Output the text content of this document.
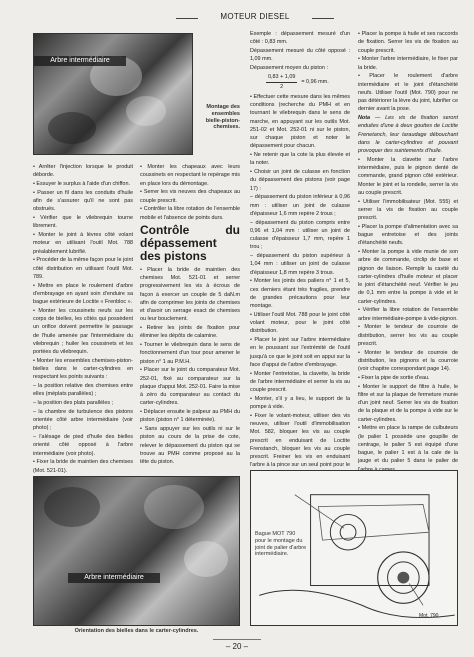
MOTEUR DIESEL
Arbre intermédiaire
Montage des ensembles bielle-piston-chemises.

• Arrêter l'injection lorsque le produit déborde.

• Essuyer le surplus à l'aide d'un chiffon.

• Passer un fil dans les conduits d'huile afin de s'assurer qu'il ne sont pas obstrués.

• Vérifier que le vilebrequin tourne librement.

• Monter le joint à lèvres côté volant moteur en utilisant l'outil Mot. 788 préalablement lubrifié.

• Procéder de la même façon pour le joint côté distribution en utilisant l'outil Mot. 789.

• Mettre en place le roulement d'arbre d'embrayage en ayant soin d'enduire sa bague extérieure de Loctite « Frenbloc ».

• Monter les coussinets neufs sur les corps de bielles, les côtés qui possèdent un orifice doivent permettre le passage de l'huile amenée par l'intermédiaire du vilebrequin ; huiler les coussinets et les portées du vilebrequin.

• Monter les ensembles chemises-piston-bielles dans le carter-cylindres en respectant les points suivants :

– la position relative des chemises entre elles (méplats parallèles) ;

– la position des plats parallèles ;

– la chambre de turbulence des pistons orientée côté arbre intermédiaire (voir photo) ;

– l'alésage de pied d'huile des bielles orienté côté opposé à l'arbre intermédiaire (voir photo).

• Fixer la bride de maintien des chemises (Mot. 521-01).

• Monter les chapeaux avec leurs coussinets en respectant le repérage mis en place lors du démontage.

• Serrer les vis neuves des chapeaux au couple prescrit.

• Contrôler la libre rotation de l'ensemble mobile et l'absence de points durs.

Contrôle du dépassement des pistons

• Placer la bride de maintien des chemises Mot. 521-01 et serrer progressivement les vis à écrous de façon à exercer un couple de 5 daN.m afin de comprimer les joints de chemises et d'avoir un serrage exact de chemises ou leur bouclement.

• Retirer les joints de fixation pour éliminer les dépôts de calamine.

• Tourner le vilebrequin dans le sens de fonctionnement d'un tour pour amener le piston n° 1 au P.M.H.

• Placer sur le joint du comparateur Mot. 252-01, fixé au comparateur sur la plaque d'appui Mot. 252-01. Faire la mise à zéro du comparateur au contact du carter-cylindres.

• Déplacer ensuite le palpeur au PMH du piston (piston n° 1 déterminée).

• Sans appuyer sur les outils ni sur le piston au cours de la prise de cote, relever le dépassement du piston qui se trouve au PMH comme proposé au la tête du piston.

Exemple : dépassement mesuré d'un côté : 0,83 mm.

Dépassement mesuré du côté opposé : 1,09 mm.

Dépassement moyen du piston :

$\frac{0,83 + 1,09}{2} = 0,96$ mm.

• Effectuer cette mesure dans les mêmes conditions (recherche du PMH et en tournant le vilebrequin dans le sens de marche, en appuyant sur les outils Mot. 251-02 et Mot. 252-01 ni sur le piston, sur chaque piston et noter le dépassement pour chacun.

• Ne retenir que la cote la plus élevée et la noter.

• Choisir un joint de culasse en fonction du dépassement des pistons (voir page 17) :

– dépassement du piston inférieur à 0,96 mm : utiliser un joint de culasse d'épaisseur 1,6 mm repère 2 trous ;

– dépassement du piston compris entre 0,96 et 1,04 mm : utiliser un joint de culasse d'épaisseur 1,7 mm, repère 1 trou ;

– dépassement du piston supérieur à 1,04 mm : utiliser un joint de culasse d'épaisseur 1,8 mm repère 3 trous.

• Monter les joints des paliers n° 1 et 5, ces derniers étant très fragiles, prendre de grandes précautions pour leur montage.

• Utiliser l'outil Mot. 788 pour le joint côté volant moteur, pour le joint côté distribution.

• Placer le joint sur l'arbre intermédiaire en le poussant sur l'extrémité de l'outil jusqu'à ce que le joint soit en appui sur la face d'appui de l'arbre d'embrayage.

• Monter l'entretoise, la clavette, la bride de l'arbre intermédiaire et serrer la vis au couple prescrit.

• Monter, s'il y a lieu, le support de la pompe à vide.

• Fixer le volant-moteur, utiliser des vis neuves, utiliser l'outil d'immobilisation Mot. 582, bloquer les vis au couple prescrit en enduisant de Loctite Frenstanch, bloquer les vis au couple prescrit. Freiner les vis en enduisant l'arbre à la pince sur un seul point pour le

• Placer la pompe à huile et ses raccords de fixation. Serrer les vis de fixation au couple prescrit.

• Monter l'arbre intermédiaire, le fixer par la bride.

• Placer le roulement d'arbre intermédiaire et le joint d'étanchéité neufs. Utiliser l'outil (Mot. 790) pour ne pas détériorer la lèvre du joint, lubrifier ce dernier avant la pose.

Nota — Les vis de fixation seront enduites d'une à deux gouttes de Loctite Frenetanch, leur taraudage débouchant dans le carter-cylindres et pouvant provoquer des suintements d'huile.

• Monter la clavette sur l'arbre intermédiaire, puis le pignon denté de commande, grand pignon côté extérieur. Monter le joint et la rondelle, serrer la vis au couple prescrit.

• Utiliser l'immobilisateur (Mot. 555) et serrer la vis de fixation au couple prescrit.

• Placer la pompe d'alimentation avec sa bague entretoise et des joints d'étanchéité neufs.

• Monter la pompe à vide munie de son arbre de commande, circlip de base et pignon de liaison. Remplir la cavité du carter-cylindres d'huile moteur et placer le joint d'étanchéité neuf. Vérifier le jeu de 0,1 mm entre la pompe à vide et le carter-cylindres.

• Vérifier la libre rotation de l'ensemble arbre intermédiaire-pompe à vide-pignon.

• Monter le tendeur de courroie de distribution, serrer les vis au couple prescrit.

• Monter le tendeur de courroie de distribution, les pignons et la courroie (voir chapitre correspondant page 14).

• Fixer la pipe de sortie d'eau.

• Monter le support de filtre à huile, le filtre et sur la plaque de fermeture munie d'un joint neuf. Serrer les vis de fixation de la plaque et de la pompe à vide sur le carter-cylindres.

• Mettre en place la rampe de culbuteurs (le palier 1 possède une goupille de centrage, le palier 5 est équipé d'une bague, le palier 1 est à la cale de la jauge et du palier 5 dans le palier de

Arbre intermédiaire
Orientation des bielles dans le carter-cylindres.
Bague MOT 790 pour le montage du joint de palier d'arbre intermédiaire.
Mot. 790
– 20 –
